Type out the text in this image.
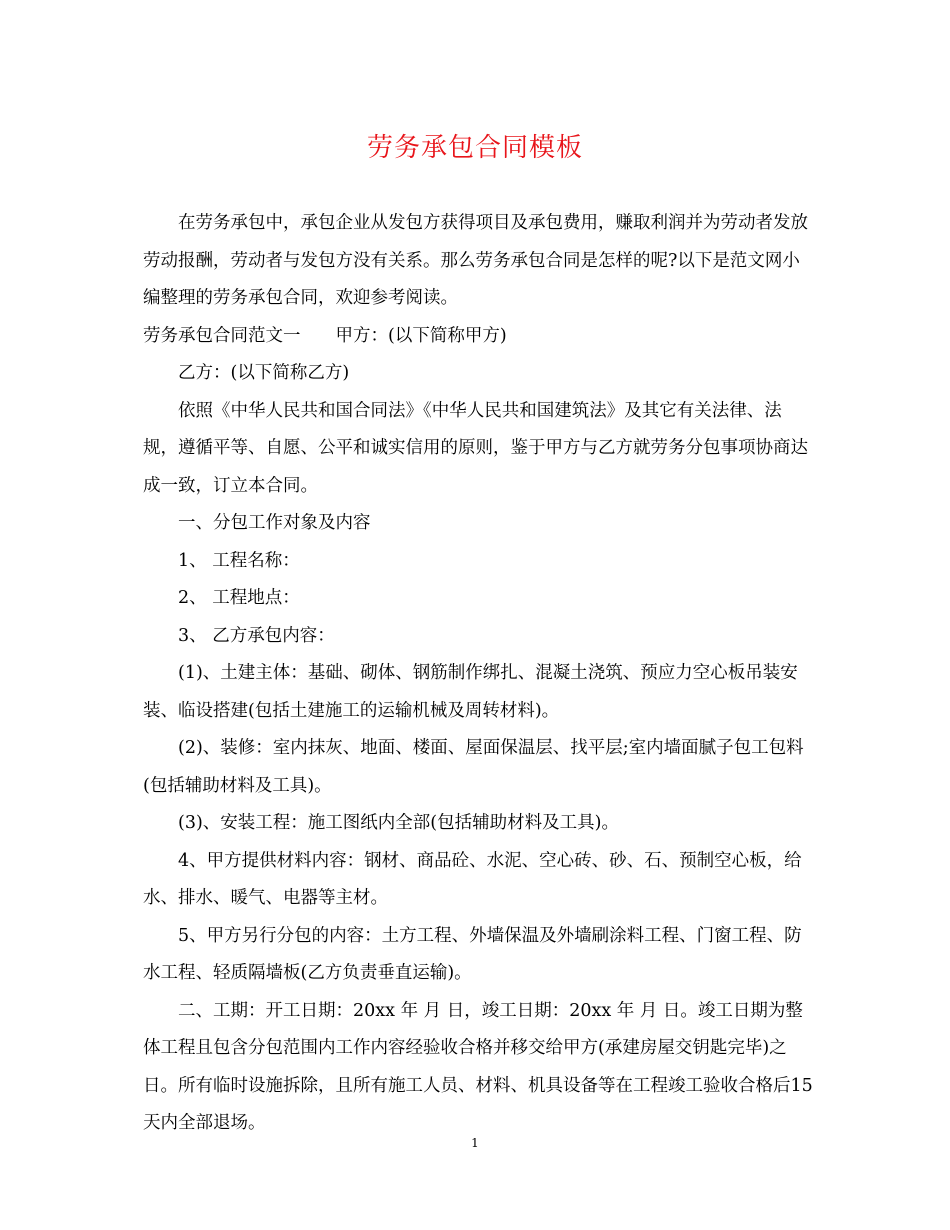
劳务承包合同模板

在劳务承包中，承包企业从发包方获得项目及承包费用，赚取利润并为劳动者发放劳动报酬，劳动者与发包方没有关系。那么劳务承包合同是怎样的呢?以下是范文网小编整理的劳务承包合同，欢迎参考阅读。

劳务承包合同范文一 甲方：(以下简称甲方)

乙方：(以下简称乙方)

依照《中华人民共和国合同法》《中华人民共和国建筑法》及其它有关法律、法规，遵循平等、自愿、公平和诚实信用的原则，鉴于甲方与乙方就劳务分包事项协商达成一致，订立本合同。

一、分包工作对象及内容

1、 工程名称：

2、 工程地点：

3、 乙方承包内容：

(1)、土建主体：基础、砌体、钢筋制作绑扎、混凝土浇筑、预应力空心板吊装安装、临设搭建(包括土建施工的运输机械及周转材料)。

(2)、装修：室内抹灰、地面、楼面、屋面保温层、找平层;室内墙面腻子包工包料(包括辅助材料及工具)。

(3)、安装工程：施工图纸内全部(包括辅助材料及工具)。

4、甲方提供材料内容：钢材、商品砼、水泥、空心砖、砂、石、预制空心板，给水、排水、暖气、电器等主材。

5、甲方另行分包的内容：土方工程、外墙保温及外墙刷涂料工程、门窗工程、防水工程、轻质隔墙板(乙方负责垂直运输)。

二、工期：开工日期：20xx 年 月 日，竣工日期：20xx 年 月 日。竣工日期为整体工程且包含分包范围内工作内容经验收合格并移交给甲方(承建房屋交钥匙完毕)之日。所有临时设施拆除，且所有施工人员、材料、机具设备等在工程竣工验收合格后15天内全部退场。

1
